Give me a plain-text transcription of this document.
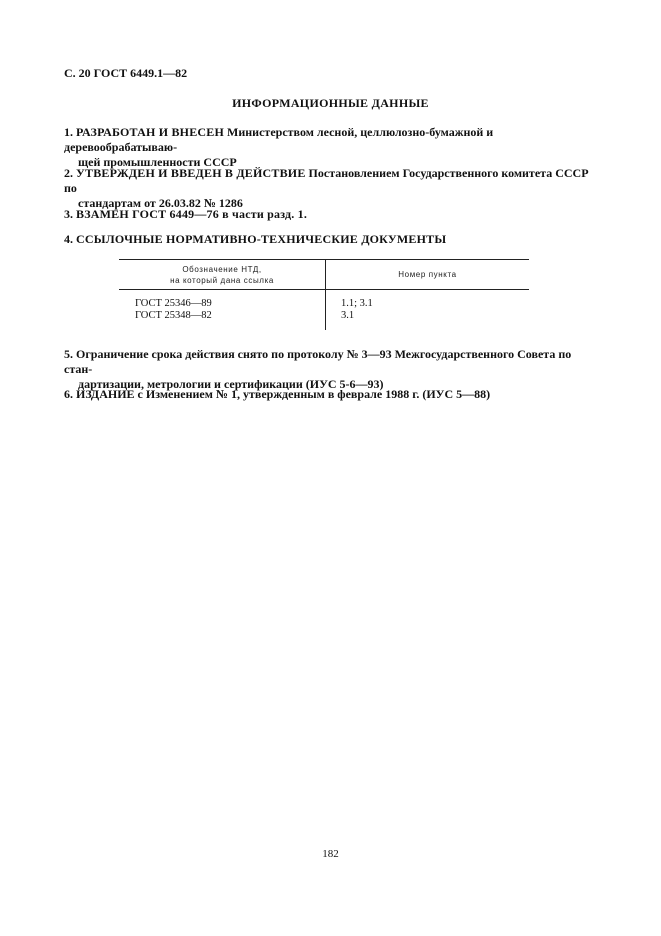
С. 20 ГОСТ 6449.1—82
ИНФОРМАЦИОННЫЕ ДАННЫЕ
1. РАЗРАБОТАН И ВНЕСЕН Министерством лесной, целлюлозно-бумажной и деревообрабатываю-
щей промышленности СССР
2. УТВЕРЖДЕН И ВВЕДЕН В ДЕЙСТВИЕ Постановлением Государственного комитета СССР по
стандартам от 26.03.82 № 1286
3. ВЗАМЕН ГОСТ 6449—76 в части разд. 1.
4. ССЫЛОЧНЫЕ НОРМАТИВНО-ТЕХНИЧЕСКИЕ ДОКУМЕНТЫ
Обозначение НТД,
на который дана ссылка
Номер пункта
ГОСТ 25346—89	1.1; 3.1
ГОСТ 25348—82	3.1
5. Ограничение срока действия снято по протоколу № 3—93 Межгосударственного Совета по стан-
дартизации, метрологии и сертификации (ИУС 5-6—93)
6. ИЗДАНИЕ с Изменением № 1, утвержденным в феврале 1988 г. (ИУС 5—88)
182
